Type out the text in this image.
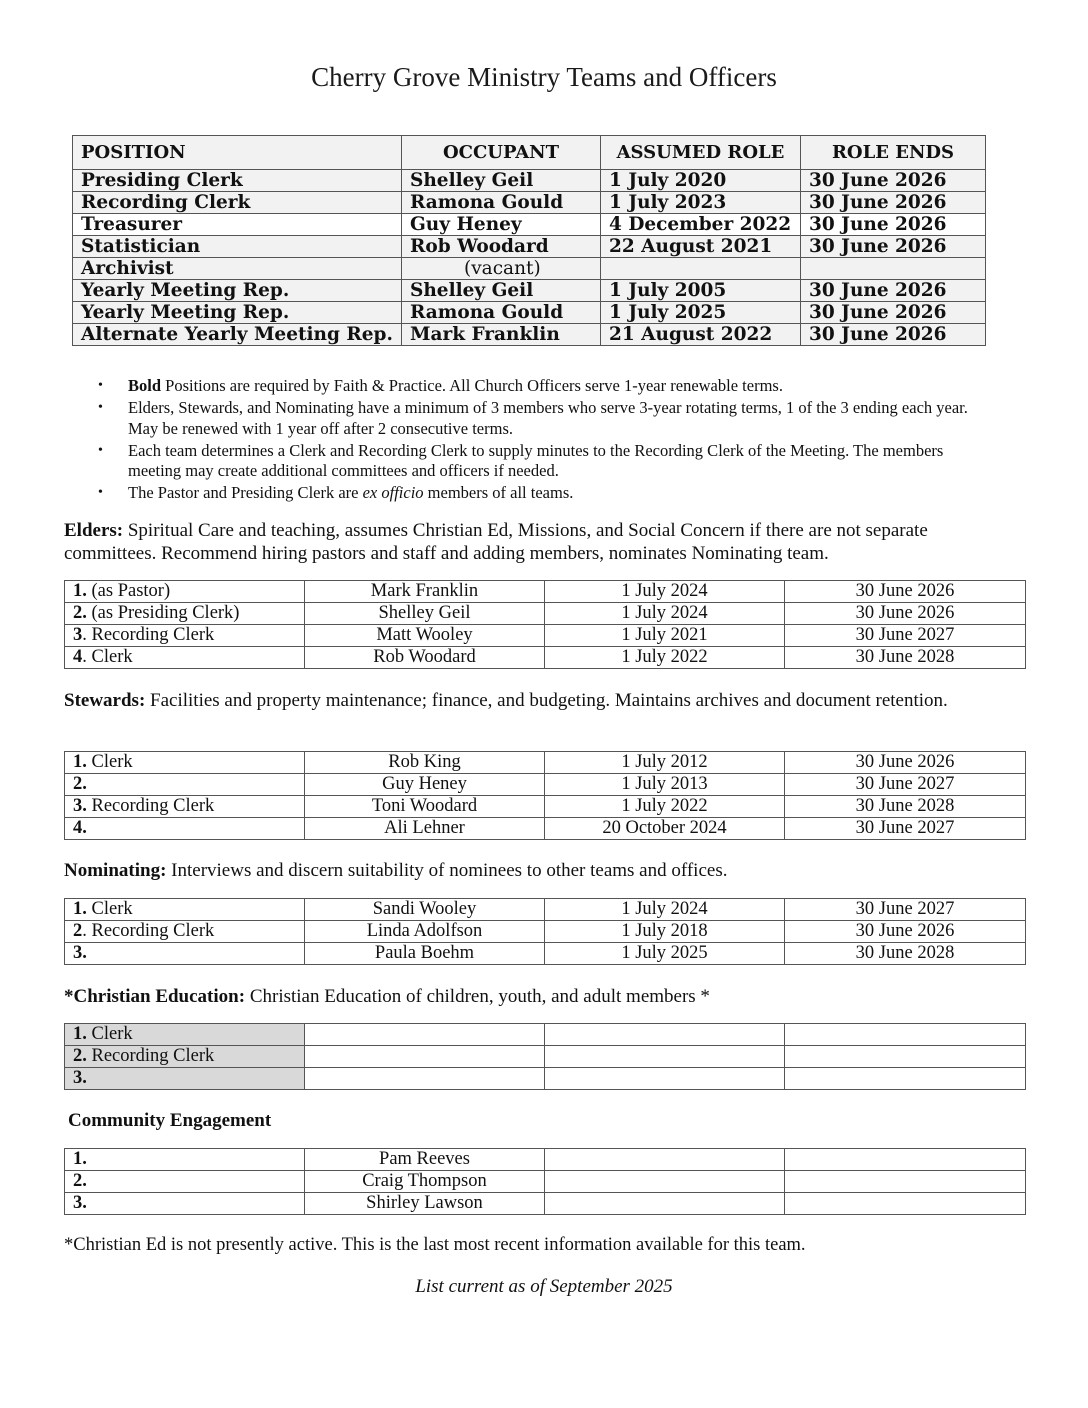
Cherry Grove Ministry Teams and Officers
POSITION	OCCUPANT	ASSUMED ROLE	ROLE ENDS
Presiding Clerk	Shelley Geil	1 July 2020	30 June 2026
Recording Clerk	Ramona Gould	1 July 2023	30 June 2026
Treasurer	Guy Heney	4 December 2022	30 June 2026
Statistician	Rob Woodard	22 August 2021	30 June 2026
Archivist	(vacant)		
Yearly Meeting Rep.	Shelley Geil	1 July 2005	30 June 2026
Yearly Meeting Rep.	Ramona Gould	1 July 2025	30 June 2026
Alternate Yearly Meeting Rep.	Mark Franklin	21 August 2022	30 June 2026
• Bold Positions are required by Faith & Practice. All Church Officers serve 1-year renewable terms.
• Elders, Stewards, and Nominating have a minimum of 3 members who serve 3-year rotating terms, 1 of the 3 ending each year. May be renewed with 1 year off after 2 consecutive terms.
• Each team determines a Clerk and Recording Clerk to supply minutes to the Recording Clerk of the Meeting. The members meeting may create additional committees and officers if needed.
• The Pastor and Presiding Clerk are ex officio members of all teams.
Elders: Spiritual Care and teaching, assumes Christian Ed, Missions, and Social Concern if there are not separate committees. Recommend hiring pastors and staff and adding members, nominates Nominating team.
1. (as Pastor)	Mark Franklin	1 July 2024	30 June 2026
2. (as Presiding Clerk)	Shelley Geil	1 July 2024	30 June 2026
3. Recording Clerk	Matt Wooley	1 July 2021	30 June 2027
4. Clerk	Rob Woodard	1 July 2022	30 June 2028
Stewards: Facilities and property maintenance; finance, and budgeting. Maintains archives and document retention.
1. Clerk	Rob King	1 July 2012	30 June 2026
2.	Guy Heney	1 July 2013	30 June 2027
3. Recording Clerk	Toni Woodard	1 July 2022	30 June 2028
4.	Ali Lehner	20 October 2024	30 June 2027
Nominating: Interviews and discern suitability of nominees to other teams and offices.
1. Clerk	Sandi Wooley	1 July 2024	30 June 2027
2. Recording Clerk	Linda Adolfson	1 July 2018	30 June 2026
3.	Paula Boehm	1 July 2025	30 June 2028
*Christian Education: Christian Education of children, youth, and adult members *
1. Clerk			
2. Recording Clerk			
3.			
Community Engagement
1.	Pam Reeves		
2.	Craig Thompson		
3.	Shirley Lawson		
*Christian Ed is not presently active. This is the last most recent information available for this team.
List current as of September 2025
